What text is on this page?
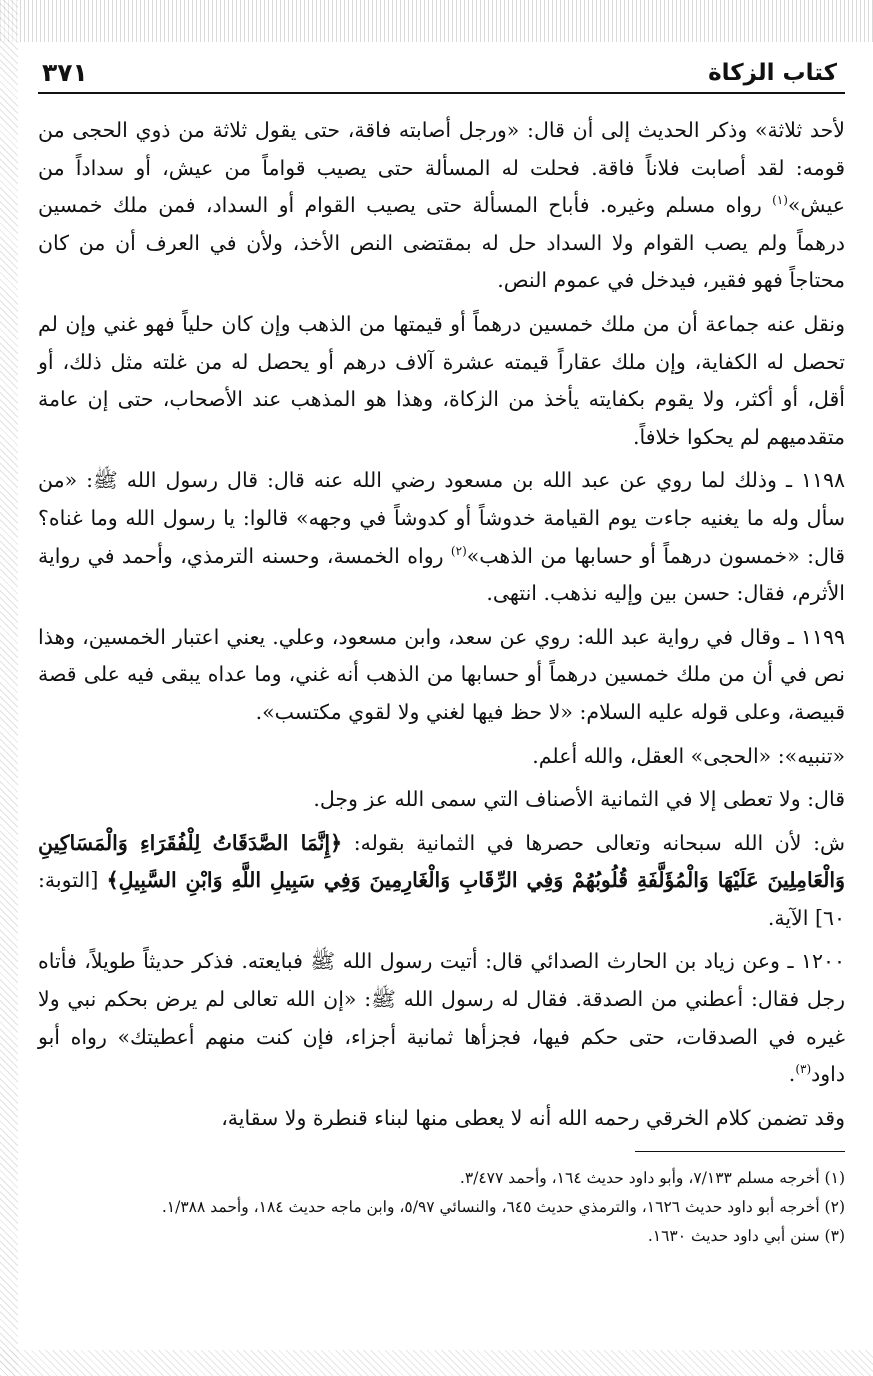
كتاب الزكاة
٣٧١

لأحد ثلاثة» وذكر الحديث إلى أن قال: «ورجل أصابته فاقة، حتى يقول ثلاثة من ذوي الحجى من قومه: لقد أصابت فلاناً فاقة. فحلت له المسألة حتى يصيب قواماً من عيش، أو سداداً من عيش»$^{(١)}$ رواه مسلم وغيره. فأباح المسألة حتى يصيب القوام أو السداد، فمن ملك خمسين درهماً ولم يصب القوام ولا السداد حل له بمقتضى النص الأخذ، ولأن في العرف أن من كان محتاجاً فهو فقير، فيدخل في عموم النص.

ونقل عنه جماعة أن من ملك خمسين درهماً أو قيمتها من الذهب وإن كان حلياً فهو غني وإن لم تحصل له الكفاية، وإن ملك عقاراً قيمته عشرة آلاف درهم أو يحصل له من غلته مثل ذلك، أو أقل، أو أكثر، ولا يقوم بكفايته يأخذ من الزكاة، وهذا هو المذهب عند الأصحاب، حتى إن عامة متقدميهم لم يحكوا خلافاً.

١١٩٨ ـ وذلك لما روي عن عبد الله بن مسعود رضي الله عنه قال: قال رسول الله ﷺ: «من سأل وله ما يغنيه جاءت يوم القيامة خدوشاً أو كدوشاً في وجهه» قالوا: يا رسول الله وما غناه؟ قال: «خمسون درهماً أو حسابها من الذهب»$^{(٢)}$ رواه الخمسة، وحسنه الترمذي، وأحمد في رواية الأثرم، فقال: حسن بين وإليه نذهب. انتهى.

١١٩٩ ـ وقال في رواية عبد الله: روي عن سعد، وابن مسعود، وعلي. يعني اعتبار الخمسين، وهذا نص في أن من ملك خمسين درهماً أو حسابها من الذهب أنه غني، وما عداه يبقى فيه على قصة قبيصة، وعلى قوله عليه السلام: «لا حظ فيها لغني ولا لقوي مكتسب».

«تنبيه»: «الحجى» العقل، والله أعلم.

قال: ولا تعطى إلا في الثمانية الأصناف التي سمى الله عز وجل.

ش: لأن الله سبحانه وتعالى حصرها في الثمانية بقوله: ﴿إِنَّمَا الصَّدَقَاتُ لِلْفُقَرَاءِ وَالْمَسَاكِينِ وَالْعَامِلِينَ عَلَيْهَا وَالْمُؤَلَّفَةِ قُلُوبُهُمْ وَفِي الرِّقَابِ وَالْغَارِمِينَ وَفِي سَبِيلِ اللَّهِ وَابْنِ السَّبِيلِ﴾ [التوبة: ٦٠] الآية.

١٢٠٠ ـ وعن زياد بن الحارث الصدائي قال: أتيت رسول الله ﷺ فبايعته. فذكر حديثاً طويلاً، فأتاه رجل فقال: أعطني من الصدقة. فقال له رسول الله ﷺ: «إن الله تعالى لم يرض بحكم نبي ولا غيره في الصدقات، حتى حكم فيها، فجزأها ثمانية أجزاء، فإن كنت منهم أعطيتك» رواه أبو داود$^{(٣)}$.

وقد تضمن كلام الخرقي رحمه الله أنه لا يعطى منها لبناء قنطرة ولا سقاية،

(١) أخرجه مسلم ٧/١٣٣، وأبو داود حديث ١٦٤، وأحمد ٣/٤٧٧.

(٢) أخرجه أبو داود حديث ١٦٢٦، والترمذي حديث ٦٤٥، والنسائي ٥/٩٧، وابن ماجه حديث ١٨٤، وأحمد ١/٣٨٨.

(٣) سنن أبي داود حديث ١٦٣٠.
